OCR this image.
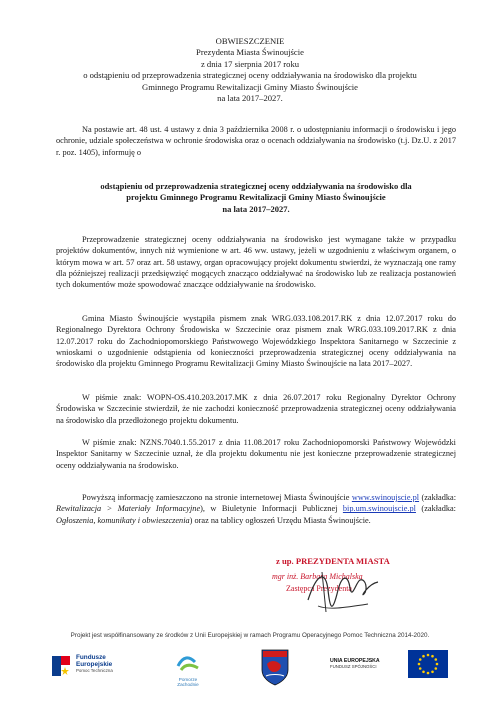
OBWIESZCZENIE
Prezydenta Miasta Świnoujście
z dnia 17 sierpnia 2017 roku
o odstąpieniu od przeprowadzenia strategicznej oceny oddziaływania na środowisko dla projektu
Gminnego Programu Rewitalizacji Gminy Miasto Świnoujście
na lata 2017–2027.

Na postawie art. 48 ust. 4 ustawy z dnia 3 października 2008 r. o udostępnianiu informacji o środowisku i jego ochronie, udziale społeczeństwa w ochronie środowiska oraz o ocenach oddziaływania na środowisko (t.j. Dz.U. z 2017 r. poz. 1405), informuję o

odstąpieniu od przeprowadzenia strategicznej oceny oddziaływania na środowisko dla
projektu Gminnego Programu Rewitalizacji Gminy Miasto Świnoujście
na lata 2017–2027.

Przeprowadzenie strategicznej oceny oddziaływania na środowisko jest wymagane także w przypadku projektów dokumentów, innych niż wymienione w art. 46 ww. ustawy, jeżeli w uzgodnieniu z właściwym organem, o którym mowa w art. 57 oraz art. 58 ustawy, organ opracowujący projekt dokumentu stwierdzi, że wyznaczają one ramy dla późniejszej realizacji przedsięwzięć mogących znacząco oddziaływać na środowisko lub ze realizacja postanowień tych dokumentów może spowodować znaczące oddziaływanie na środowisko.

Gmina Miasto Świnoujście wystąpiła pismem znak WRG.033.108.2017.RK z dnia 12.07.2017 roku do Regionalnego Dyrektora Ochrony Środowiska w Szczecinie oraz pismem znak WRG.033.109.2017.RK z dnia 12.07.2017 roku do Zachodniopomorskiego Państwowego Wojewódzkiego Inspektora Sanitarnego w Szczecinie z wnioskami o uzgodnienie odstąpienia od konieczności przeprowadzenia strategicznej oceny oddziaływania na środowisko dla projektu Gminnego Programu Rewitalizacji Gminy Miasto Świnoujście na lata 2017–2027.

W piśmie znak: WOPN-OS.410.203.2017.MK z dnia 26.07.2017 roku Regionalny Dyrektor Ochrony Środowiska w Szczecinie stwierdził, że nie zachodzi konieczność przeprowadzenia strategicznej oceny oddziaływania na środowisko dla przedłożonego projektu dokumentu.

W piśmie znak: NZNS.7040.1.55.2017 z dnia 11.08.2017 roku Zachodniopomorski Państwowy Wojewódzki Inspektor Sanitarny w Szczecinie uznał, że dla projektu dokumentu nie jest konieczne przeprowadzenie strategicznej oceny oddziaływania na środowisko.

Powyższą informację zamieszczono na stronie internetowej Miasta Świnoujście www.swinoujscie.pl (zakładka: Rewitalizacja > Materiały Informacyjne), w Biuletynie Informacji Publicznej bip.um.swinoujscie.pl (zakładka: Ogłoszenia, komunikaty i obwieszczenia) oraz na tablicy ogłoszeń Urzędu Miasta Świnoujście.

z up. PREZYDENTA MIASTA
mgr inż. Barbara Michalska
Zastępca Prezydenta
Projekt jest współfinansowany ze środków z Unii Europejskiej w ramach Programu Operacyjnego Pomoc Techniczna 2014-2020.
Fundusze
Europejskie
Pomoc Techniczna
Pomorze
Zachodnie
UNIA EUROPEJSKA
FUNDUSZ SPÓJNOŚCI
